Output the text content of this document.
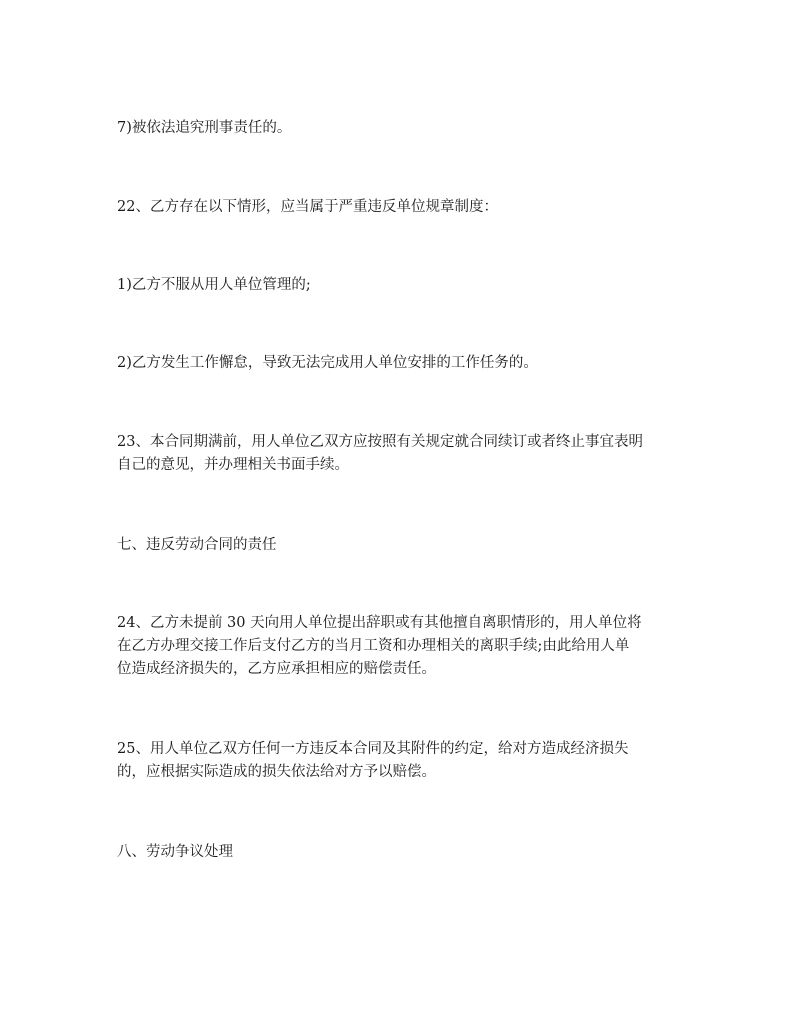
7)被依法追究刑事责任的。

22、乙方存在以下情形，应当属于严重违反单位规章制度：

1)乙方不服从用人单位管理的;

2)乙方发生工作懈怠，导致无法完成用人单位安排的工作任务的。

23、本合同期满前，用人单位乙双方应按照有关规定就合同续订或者终止事宜表明
自己的意见，并办理相关书面手续。

七、违反劳动合同的责任

24、乙方未提前 30 天向用人单位提出辞职或有其他擅自离职情形的，用人单位将
在乙方办理交接工作后支付乙方的当月工资和办理相关的离职手续;由此给用人单
位造成经济损失的，乙方应承担相应的赔偿责任。

25、用人单位乙双方任何一方违反本合同及其附件的约定，给对方造成经济损失
的，应根据实际造成的损失依法给对方予以赔偿。

八、劳动争议处理
